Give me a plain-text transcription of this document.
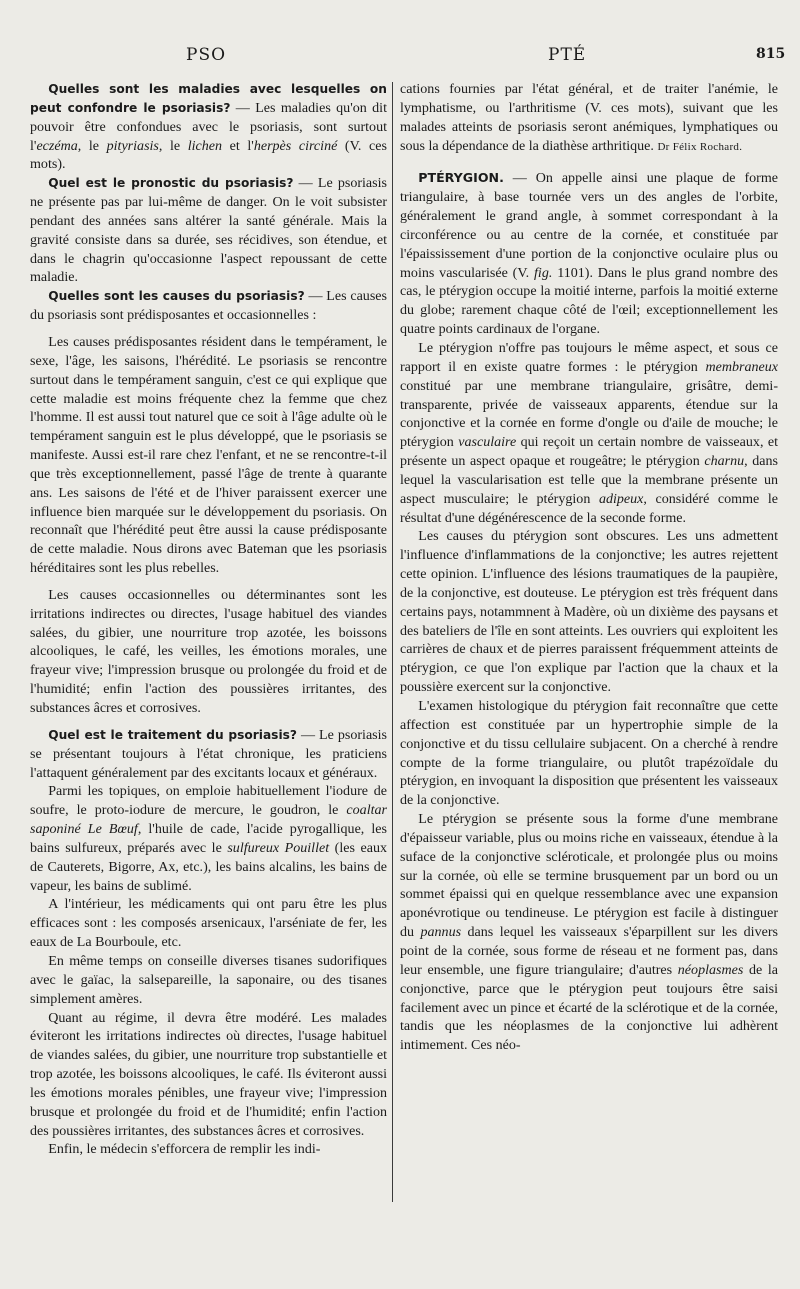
PSO	PTÉ	815

Quelles sont les maladies avec lesquelles on peut confondre le psoriasis? — Les maladies qu'on dit pouvoir être confondues avec le psoriasis, sont surtout l'eczéma, le pityriasis, le lichen et l'herpès circiné (V. ces mots).

Quel est le pronostic du psoriasis? — Le psoriasis ne présente pas par lui-même de danger. On le voit subsister pendant des années sans altérer la santé générale. Mais la gravité consiste dans sa durée, ses récidives, son étendue, et dans le chagrin qu'occasionne l'aspect repoussant de cette maladie.

Quelles sont les causes du psoriasis? — Les causes du psoriasis sont prédisposantes et occasionnelles :

Les causes prédisposantes résident dans le tempérament, le sexe, l'âge, les saisons, l'hérédité. Le psoriasis se rencontre surtout dans le tempérament sanguin, c'est ce qui explique que cette maladie est moins fréquente chez la femme que chez l'homme. Il est aussi tout naturel que ce soit à l'âge adulte où le tempérament sanguin est le plus développé, que le psoriasis se manifeste. Aussi est-il rare chez l'enfant, et ne se rencontre-t-il que très exceptionnellement, passé l'âge de trente à quarante ans. Les saisons de l'été et de l'hiver paraissent exercer une influence bien marquée sur le développement du psoriasis. On reconnaît que l'hérédité peut être aussi la cause prédisposante de cette maladie. Nous dirons avec Bateman que les psoriasis héréditaires sont les plus rebelles.

Les causes occasionnelles ou déterminantes sont les irritations indirectes ou directes, l'usage habituel des viandes salées, du gibier, une nourriture trop azotée, les boissons alcooliques, le café, les veilles, les émotions morales, une frayeur vive; l'impression brusque ou prolongée du froid et de l'humidité; enfin l'action des poussières irritantes, des substances âcres et corrosives.

Quel est le traitement du psoriasis? — Le psoriasis se présentant toujours à l'état chronique, les praticiens l'attaquent généralement par des excitants locaux et généraux.

Parmi les topiques, on emploie habituellement l'iodure de soufre, le proto-iodure de mercure, le goudron, le coaltar saponiné Le Bœuf, l'huile de cade, l'acide pyrogallique, les bains sulfureux, préparés avec le sulfureux Pouillet (les eaux de Cauterets, Bigorre, Ax, etc.), les bains alcalins, les bains de vapeur, les bains de sublimé.

A l'intérieur, les médicaments qui ont paru être les plus efficaces sont : les composés arsenicaux, l'arséniate de fer, les eaux de La Bourboule, etc.

En même temps on conseille diverses tisanes sudorifiques avec le gaïac, la salsepareille, la saponaire, ou des tisanes simplement amères.

Quant au régime, il devra être modéré. Les malades éviteront les irritations indirectes où directes, l'usage habituel de viandes salées, du gibier, une nourriture trop substantielle et trop azotée, les boissons alcooliques, le café. Ils éviteront aussi les émotions morales pénibles, une frayeur vive; l'impression brusque et prolongée du froid et de l'humidité; enfin l'action des poussières irritantes, des substances âcres et corrosives.

Enfin, le médecin s'efforcera de remplir les indi-

cations fournies par l'état général, et de traiter l'anémie, le lymphatisme, ou l'arthritisme (V. ces mots), suivant que les malades atteints de psoriasis seront anémiques, lymphatiques ou sous la dépendance de la diathèse arthritique. Dr Félix Rochard.

PTÉRYGION. — On appelle ainsi une plaque de forme triangulaire, à base tournée vers un des angles de l'orbite, généralement le grand angle, à sommet correspondant à la circonférence ou au centre de la cornée, et constituée par l'épaississement d'une portion de la conjonctive oculaire plus ou moins vascularisée (V. fig. 1101). Dans le plus grand nombre des cas, le ptérygion occupe la moitié interne, parfois la moitié externe du globe; rarement chaque côté de l'œil; exceptionnellement les quatre points cardinaux de l'organe.

Le ptérygion n'offre pas toujours le même aspect, et sous ce rapport il en existe quatre formes : le ptérygion membraneux constitué par une membrane triangulaire, grisâtre, demi-transparente, privée de vaisseaux apparents, étendue sur la conjonctive et la cornée en forme d'ongle ou d'aile de mouche; le ptérygion vasculaire qui reçoit un certain nombre de vaisseaux, et présente un aspect opaque et rougeâtre; le ptérygion charnu, dans lequel la vascularisation est telle que la membrane présente un aspect musculaire; le ptérygion adipeux, considéré comme le résultat d'une dégénérescence de la seconde forme.

Les causes du ptérygion sont obscures. Les uns admettent l'influence d'inflammations de la conjonctive; les autres rejettent cette opinion. L'influence des lésions traumatiques de la paupière, de la conjonctive, est douteuse. Le ptérygion est très fréquent dans certains pays, notammnent à Madère, où un dixième des paysans et des bateliers de l'île en sont atteints. Les ouvriers qui exploitent les carrières de chaux et de pierres paraissent fréquemment atteints de ptérygion, ce que l'on explique par l'action que la chaux et la poussière exercent sur la conjonctive.

L'examen histologique du ptérygion fait reconnaître que cette affection est constituée par un hypertrophie simple de la conjonctive et du tissu cellulaire subjacent. On a cherché à rendre compte de la forme triangulaire, ou plutôt trapézoïdale du ptérygion, en invoquant la disposition que présentent les vaisseaux de la conjonctive.

Le ptérygion se présente sous la forme d'une membrane d'épaisseur variable, plus ou moins riche en vaisseaux, étendue à la suface de la conjonctive scléroticale, et prolongée plus ou moins sur la cornée, où elle se termine brusquement par un bord ou un sommet épaissi qui en quelque ressemblance avec une expansion aponévrotique ou tendineuse. Le ptérygion est facile à distinguer du pannus dans lequel les vaisseaux s'éparpillent sur les divers point de la cornée, sous forme de réseau et ne forment pas, dans leur ensemble, une figure triangulaire; d'autres néoplasmes de la conjonctive, parce que le ptérygion peut toujours être saisi facilement avec un pince et écarté de la sclérotique et de la cornée, tandis que les néoplasmes de la conjonctive lui adhèrent intimement. Ces néo-
